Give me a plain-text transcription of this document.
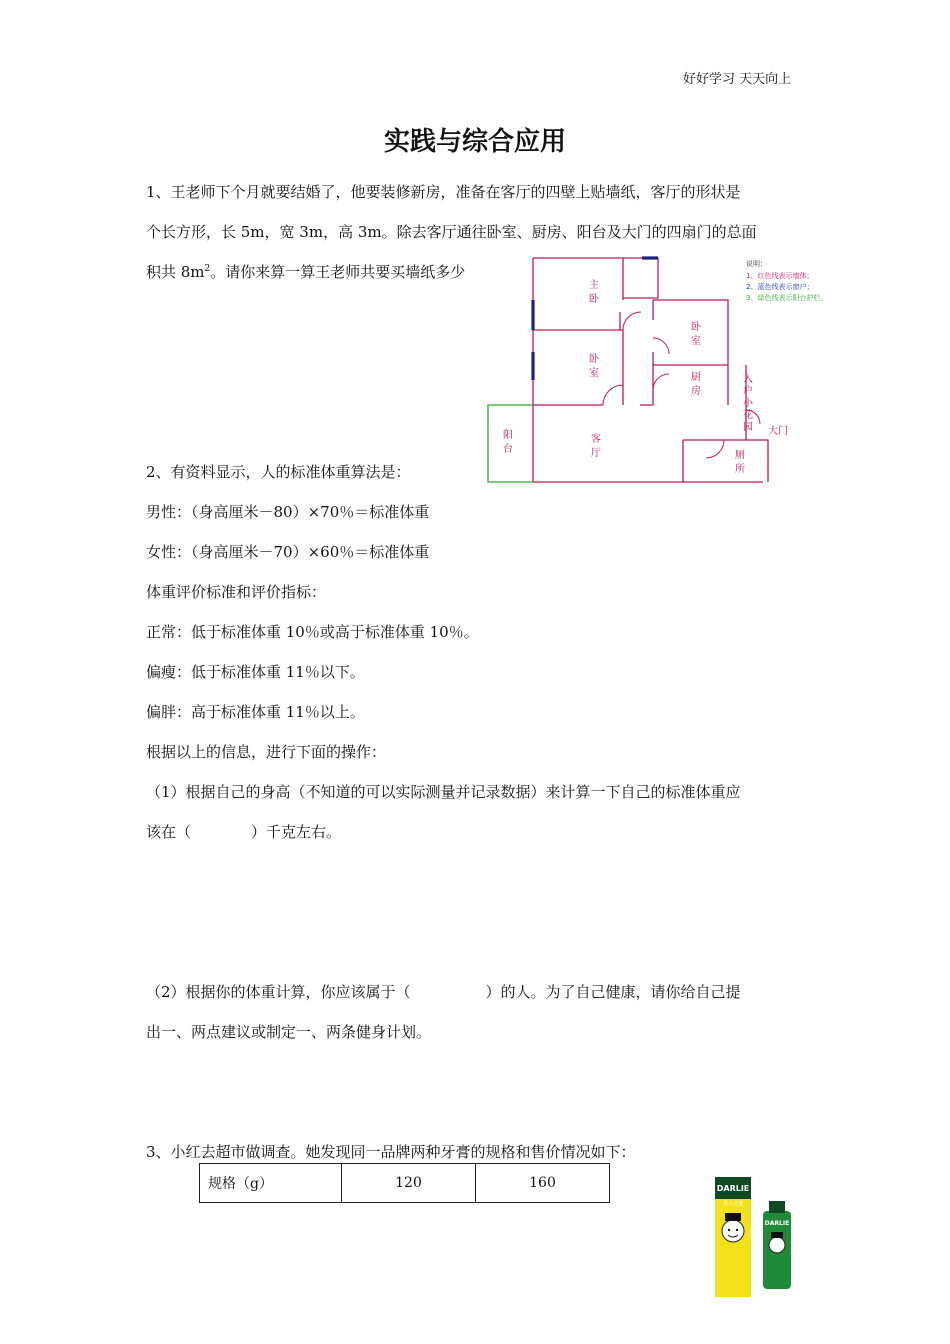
好好学习 天天向上
实践与综合应用
1、王老师下个月就要结婚了，他要装修新房，准备在客厅的四壁上贴墙纸，客厅的形状是
个长方形，长 5m，宽 3m，高 3m。除去客厅通往卧室、厨房、阳台及大门的四扇门的总面
积共 $8m^2$。请你来算一算王老师共要买墙纸多少
主卧
卧室
卧室	厨房
入户小花园 大门
阳台
客厅	厕所
说明：
1、红色线表示墙体；
2、蓝色线表示窗户；
3、绿色线表示阳台护栏。
2、有资料显示，人的标准体重算法是：
男性：（身高厘米－80）×70％＝标准体重
女性：（身高厘米－70）×60％＝标准体重
体重评价标准和评价指标：
正常：低于标准体重 10％或高于标准体重 10％。
偏瘦：低于标准体重 11％以下。
偏胖：高于标准体重 11％以上。
根据以上的信息，进行下面的操作：
（1）根据自己的身高（不知道的可以实际测量并记录数据）来计算一下自己的标准体重应
该在（　　　　）千克左右。
（2）根据你的体重计算，你应该属于（　　　　　）的人。为了自己健康，请你给自己提
出一、两点建议或制定一、两条健身计划。
3、小红去超市做调查。她发现同一品牌两种牙膏的规格和售价情况如下：
规格（g）	120	160	DARLIE
黑人牙膏
DARLIE
